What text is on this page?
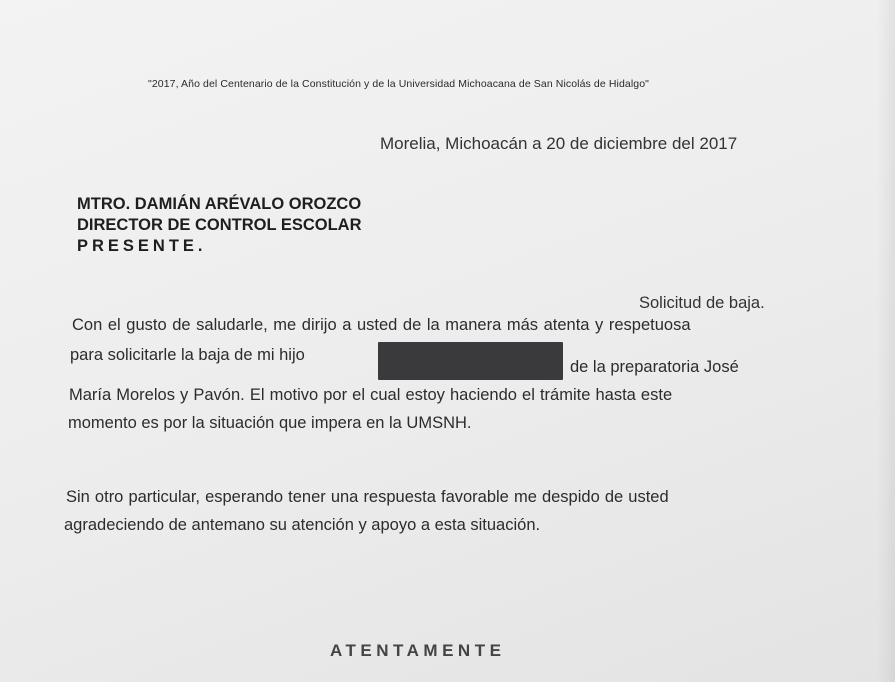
"2017, Año del Centenario de la Constitución y de la Universidad Michoacana de San Nicolás de Hidalgo"
Morelia, Michoacán a 20 de diciembre del 2017
MTRO. DAMIÁN ARÉVALO OROZCO
DIRECTOR DE CONTROL ESCOLAR
PRESENTE.
Solicitud de baja.
Con el gusto de saludarle, me dirijo a usted de la manera más atenta y respetuosa
para solicitarle la baja de mi hijo
de la preparatoria José
María Morelos y Pavón. El motivo por el cual estoy haciendo el trámite hasta este
momento es por la situación que impera en la UMSNH.
Sin otro particular, esperando tener una respuesta favorable me despido de usted
agradeciendo de antemano su atención y apoyo a esta situación.
ATENTAMENTE
